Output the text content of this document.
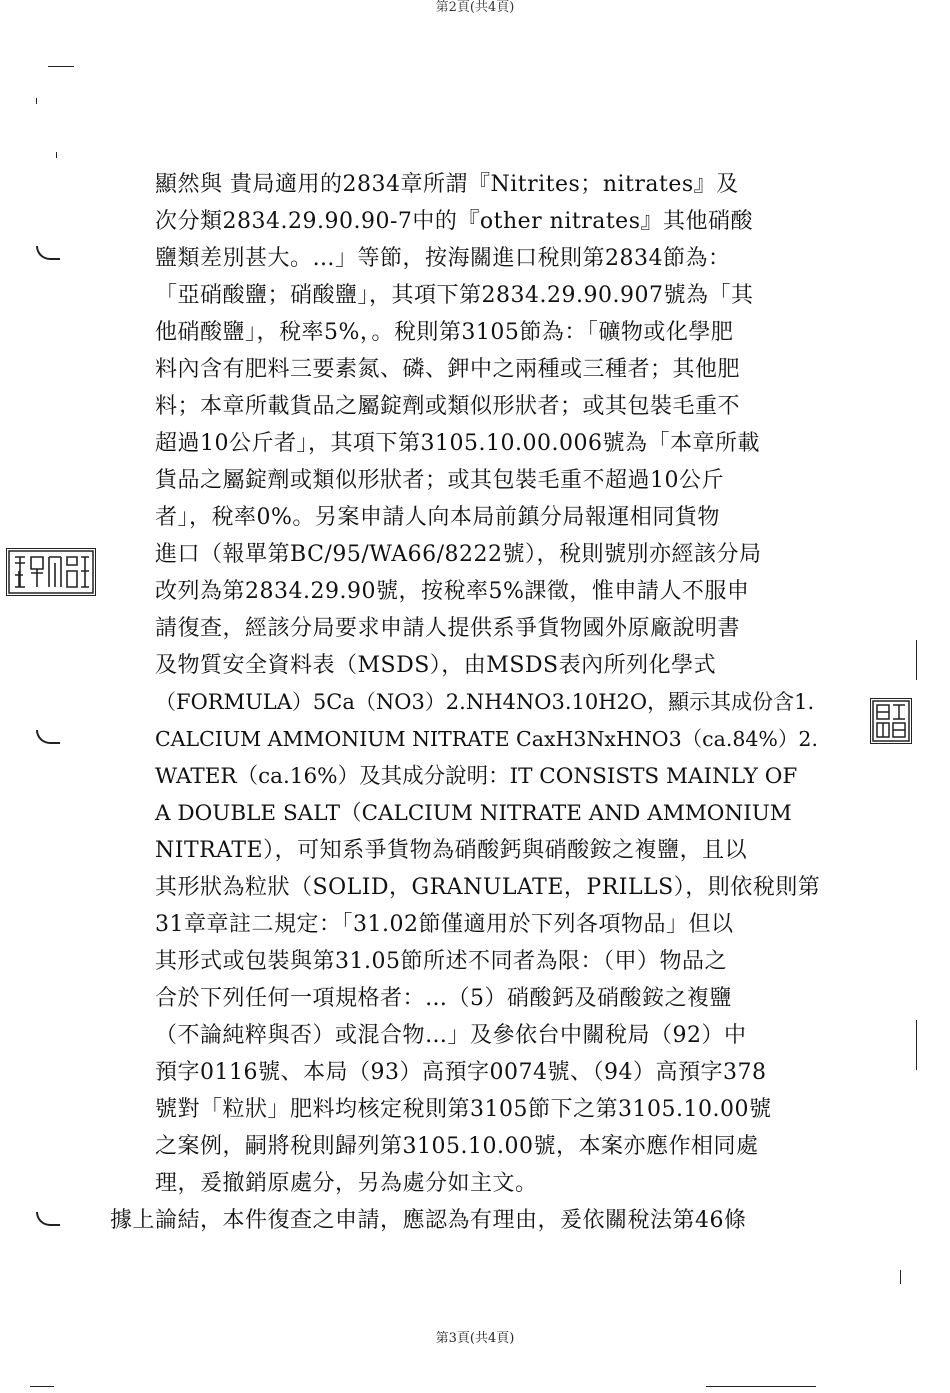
第2頁(共4頁)
顯然與 貴局適用的2834章所謂『Nitrites；nitrates』及
次分類2834.29.90.90-7中的『other nitrates』其他硝酸
鹽類差別甚大。…」等節，按海關進口稅則第2834節為：
「亞硝酸鹽；硝酸鹽」，其項下第2834.29.90.907號為「其
他硝酸鹽」，稅率5%，。稅則第3105節為：「礦物或化學肥
料內含有肥料三要素氮、磷、鉀中之兩種或三種者；其他肥
料；本章所載貨品之屬錠劑或類似形狀者；或其包裝毛重不
超過10公斤者」，其項下第3105.10.00.006號為「本章所載
貨品之屬錠劑或類似形狀者；或其包裝毛重不超過10公斤
者」，稅率0%。另案申請人向本局前鎮分局報運相同貨物
進口（報單第BC/95/WA66/8222號），稅則號別亦經該分局
改列為第2834.29.90號，按稅率5%課徵，惟申請人不服申
請復查，經該分局要求申請人提供系爭貨物國外原廠說明書
及物質安全資料表（MSDS），由MSDS表內所列化學式
（FORMULA）5Ca（NO3）2.NH4NO3.10H2O，顯示其成份含1.
CALCIUM AMMONIUM NITRATE CaxH3NxHNO3（ca.84%）2.
WATER（ca.16%）及其成分說明：IT CONSISTS MAINLY OF
A DOUBLE SALT（CALCIUM NITRATE AND AMMONIUM
NITRATE），可知系爭貨物為硝酸鈣與硝酸銨之複鹽，且以
其形狀為粒狀（SOLID，GRANULATE，PRILLS），則依稅則第
31章章註二規定：「31.02節僅適用於下列各項物品」但以
其形式或包裝與第31.05節所述不同者為限：（甲）物品之
合於下列任何一項規格者：…（5）硝酸鈣及硝酸銨之複鹽
（不論純粹與否）或混合物…」及參依台中關稅局（92）中
預字0116號、本局（93）高預字0074號、（94）高預字378
號對「粒狀」肥料均核定稅則第3105節下之第3105.10.00號
之案例，嗣將稅則歸列第3105.10.00號，本案亦應作相同處
理，爰撤銷原處分，另為處分如主文。
據上論結，本件復查之申請，應認為有理由，爰依關稅法第46條
第3頁(共4頁)
